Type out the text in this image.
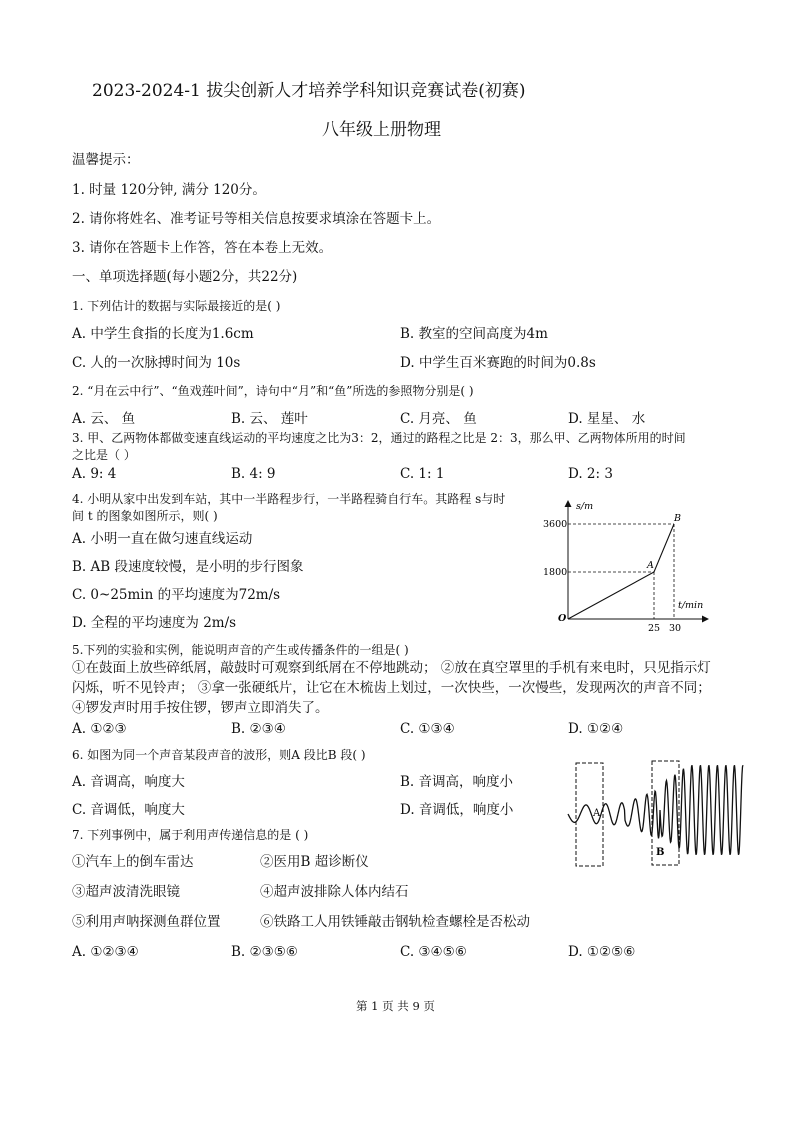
2023-2024-1 拔尖创新人才培养学科知识竞赛试卷(初赛)
八年级上册物理
温馨提示：
1. 时量 120分钟, 满分 120分。
2. 请你将姓名、准考证号等相关信息按要求填涂在答题卡上。
3. 请你在答题卡上作答，答在本卷上无效。
一、单项选择题(每小题2分，共22分)
1. 下列估计的数据与实际最接近的是( )
A. 中学生食指的长度为1.6cm	B. 教室的空间高度为4m
C. 人的一次脉搏时间为 10s	D. 中学生百米赛跑的时间为0.8s
2. “月在云中行”、“鱼戏莲叶间”，诗句中“月”和“鱼”所选的参照物分别是( )
A. 云、 鱼	B. 云、 莲叶	C. 月亮、 鱼	D. 星星、 水
3. 甲、乙两物体都做变速直线运动的平均速度之比为3：2，通过的路程之比是 2：3，那么甲、乙两物体所用的时间
之比是（ ）
A. 9: 4	B. 4: 9	C. 1: 1	D. 2: 3
4. 小明从家中出发到车站，其中一半路程步行，一半路程骑自行车。其路程 s与时
间 t 的图象如图所示，则( )
A. 小明一直在做匀速直线运动
B. AB 段速度较慢，是小明的步行图象
C. 0~25min 的平均速度为72m/s
D. 全程的平均速度为 2m/s
s/m
t/min
3600
1800
25 30
O
A
B
5.下列的实验和实例，能说明声音的产生或传播条件的一组是( )
①在鼓面上放些碎纸屑，敲鼓时可观察到纸屑在不停地跳动； ②放在真空罩里的手机有来电时，只见指示灯闪烁，听不见铃声； ③拿一张硬纸片，让它在木梳齿上划过，一次快些，一次慢些，发现两次的声音不同； ④锣发声时用手按住锣，锣声立即消失了。
A. ①②③	B. ②③④	C. ①③④	D. ①②④
6. 如图为同一个声音某段声音的波形，则A 段比B 段( )
A. 音调高，响度大	B. 音调高，响度小
C. 音调低，响度大	D. 音调低，响度小	A
B
7. 下列事例中，属于利用声传递信息的是 ( )
①汽车上的倒车雷达	②医用B 超诊断仪
③超声波清洗眼镜	④超声波排除人体内结石
⑤利用声呐探测鱼群位置	⑥铁路工人用铁锤敲击钢轨检查螺栓是否松动
A. ①②③④	B. ②③⑤⑥	C. ③④⑤⑥	D. ①②⑤⑥
第 1 页 共 9 页
